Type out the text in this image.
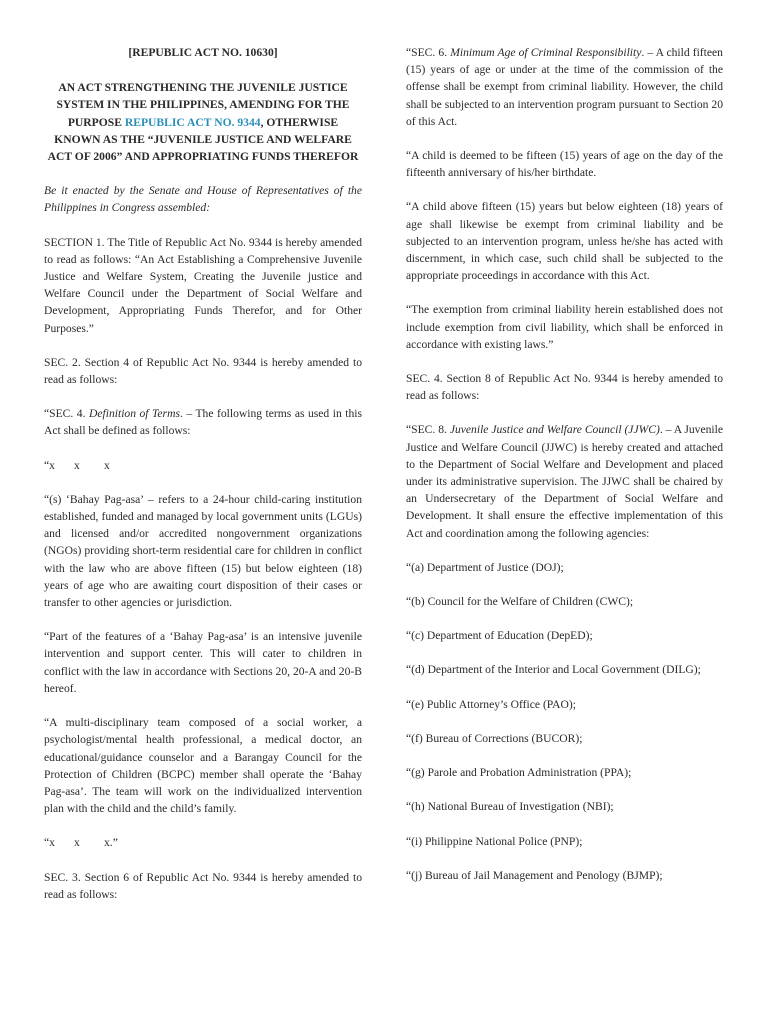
[REPUBLIC ACT NO. 10630]
AN ACT STRENGTHENING THE JUVENILE JUSTICE SYSTEM IN THE PHILIPPINES, AMENDING FOR THE PURPOSE REPUBLIC ACT NO. 9344, OTHERWISE KNOWN AS THE “JUVENILE JUSTICE AND WELFARE ACT OF 2006” AND APPROPRIATING FUNDS THEREFOR

Be it enacted by the Senate and House of Representatives of the Philippines in Congress assembled:

SECTION 1. The Title of Republic Act No. 9344 is hereby amended to read as follows: “An Act Establishing a Comprehensive Juvenile Justice and Welfare System, Creating the Juvenile justice and Welfare Council under the Department of Social Welfare and Development, Appropriating Funds Therefor, and for Other Purposes.”

SEC. 2. Section 4 of Republic Act No. 9344 is hereby amended to read as follows:

“SEC. 4. Definition of Terms. – The following terms as used in this Act shall be defined as follows:

“x x x

“(s) ‘Bahay Pag-asa’ – refers to a 24-hour child-caring institution established, funded and managed by local government units (LGUs) and licensed and/or accredited nongovernment organizations (NGOs) providing short-term residential care for children in conflict with the law who are above fifteen (15) but below eighteen (18) years of age who are awaiting court disposition of their cases or transfer to other agencies or jurisdiction.

“Part of the features of a ‘Bahay Pag-asa’ is an intensive juvenile intervention and support center. This will cater to children in conflict with the law in accordance with Sections 20, 20-A and 20-B hereof.

“A multi-disciplinary team composed of a social worker, a psychologist/mental health professional, a medical doctor, an educational/guidance counselor and a Barangay Council for the Protection of Children (BCPC) member shall operate the ‘Bahay Pag-asa’. The team will work on the individualized intervention plan with the child and the child’s family.

“x x x.”

SEC. 3. Section 6 of Republic Act No. 9344 is hereby amended to read as follows:

“SEC. 6. Minimum Age of Criminal Responsibility. – A child fifteen (15) years of age or under at the time of the commission of the offense shall be exempt from criminal liability. However, the child shall be subjected to an intervention program pursuant to Section 20 of this Act.

“A child is deemed to be fifteen (15) years of age on the day of the fifteenth anniversary of his/her birthdate.

“A child above fifteen (15) years but below eighteen (18) years of age shall likewise be exempt from criminal liability and be subjected to an intervention program, unless he/she has acted with discernment, in which case, such child shall be subjected to the appropriate proceedings in accordance with this Act.

“The exemption from criminal liability herein established does not include exemption from civil liability, which shall be enforced in accordance with existing laws.”

SEC. 4. Section 8 of Republic Act No. 9344 is hereby amended to read as follows:

“SEC. 8. Juvenile Justice and Welfare Council (JJWC). – A Juvenile Justice and Welfare Council (JJWC) is hereby created and attached to the Department of Social Welfare and Development and placed under its administrative supervision. The JJWC shall be chaired by an Undersecretary of the Department of Social Welfare and Development. It shall ensure the effective implementation of this Act and coordination among the following agencies:

“(a) Department of Justice (DOJ);

“(b) Council for the Welfare of Children (CWC);

“(c) Department of Education (DepED);

“(d) Department of the Interior and Local Government (DILG);

“(e) Public Attorney’s Office (PAO);

“(f) Bureau of Corrections (BUCOR);

“(g) Parole and Probation Administration (PPA);

“(h) National Bureau of Investigation (NBI);

“(i) Philippine National Police (PNP);

“(j) Bureau of Jail Management and Penology (BJMP);
